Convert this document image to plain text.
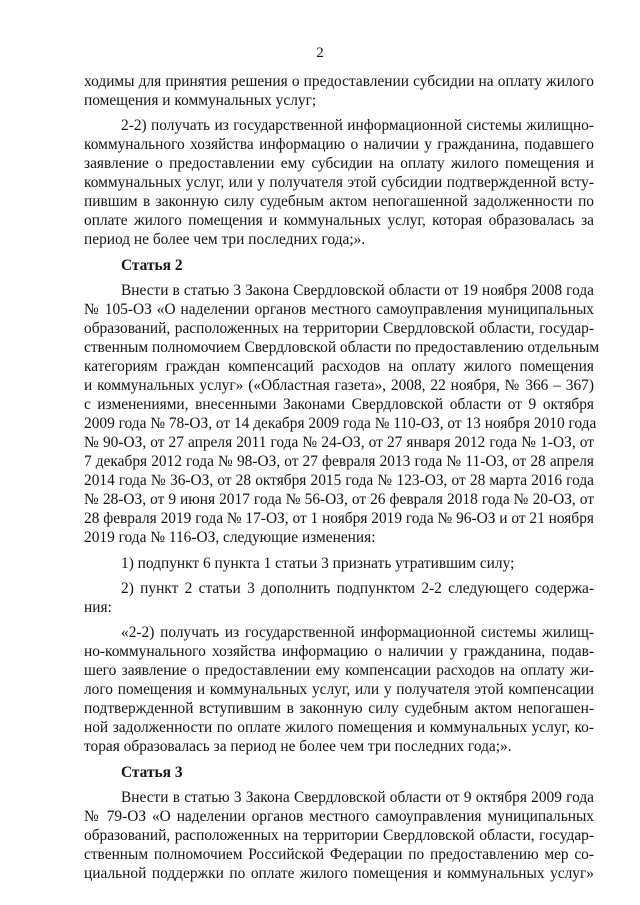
2
ходимы для принятия решения о предоставлении субсидии на оплату жилого
помещения и коммунальных услуг;
2-2) получать из государственной информационной системы жилищно-
коммунального хозяйства информацию о наличии у гражданина, подавшего
заявление о предоставлении ему субсидии на оплату жилого помещения и
коммунальных услуг, или у получателя этой субсидии подтвержденной всту-
пившим в законную силу судебным актом непогашенной задолженности по
оплате жилого помещения и коммунальных услуг, которая образовалась за
период не более чем три последних года;».
Статья 2
Внести в статью 3 Закона Свердловской области от 19 ноября 2008 года
№ 105-ОЗ «О наделении органов местного самоуправления муниципальных
образований, расположенных на территории Свердловской области, государ-
ственным полномочием Свердловской области по предоставлению отдельным
категориям граждан компенсаций расходов на оплату жилого помещения
и коммунальных услуг» («Областная газета», 2008, 22 ноября, № 366 – 367)
с изменениями, внесенными Законами Свердловской области от 9 октября
2009 года № 78-ОЗ, от 14 декабря 2009 года № 110-ОЗ, от 13 ноября 2010 года
№ 90-ОЗ, от 27 апреля 2011 года № 24-ОЗ, от 27 января 2012 года № 1-ОЗ, от
7 декабря 2012 года № 98-ОЗ, от 27 февраля 2013 года № 11-ОЗ, от 28 апреля
2014 года № 36-ОЗ, от 28 октября 2015 года № 123-ОЗ, от 28 марта 2016 года
№ 28-ОЗ, от 9 июня 2017 года № 56-ОЗ, от 26 февраля 2018 года № 20-ОЗ, от
28 февраля 2019 года № 17-ОЗ, от 1 ноября 2019 года № 96-ОЗ и от 21 ноября
2019 года № 116-ОЗ, следующие изменения:
1) подпункт 6 пункта 1 статьи 3 признать утратившим силу;
2) пункт 2 статьи 3 дополнить подпунктом 2-2 следующего содержа-
ния:
«2-2) получать из государственной информационной системы жилищ-
но-коммунального хозяйства информацию о наличии у гражданина, подав-
шего заявление о предоставлении ему компенсации расходов на оплату жи-
лого помещения и коммунальных услуг, или у получателя этой компенсации
подтвержденной вступившим в законную силу судебным актом непогашен-
ной задолженности по оплате жилого помещения и коммунальных услуг, ко-
торая образовалась за период не более чем три последних года;».
Статья 3
Внести в статью 3 Закона Свердловской области от 9 октября 2009 года
№ 79-ОЗ «О наделении органов местного самоуправления муниципальных
образований, расположенных на территории Свердловской области, государ-
ственным полномочием Российской Федерации по предоставлению мер со-
циальной поддержки по оплате жилого помещения и коммунальных услуг»
